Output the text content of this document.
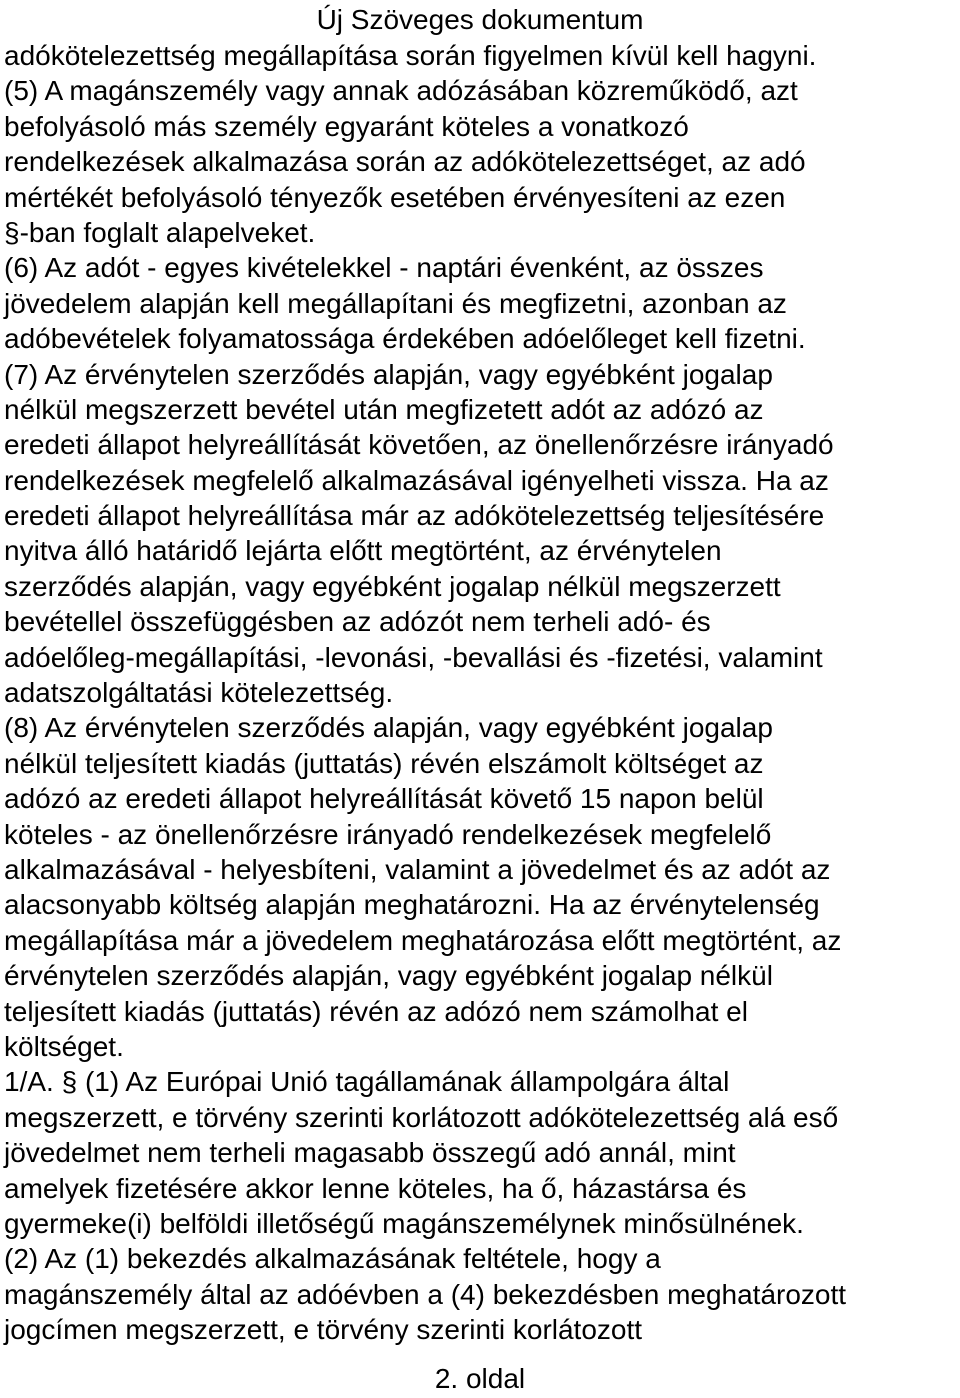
Új Szöveges dokumentum
adókötelezettség megállapítása során figyelmen kívül kell hagyni.
(5) A magánszemély vagy annak adózásában közreműködő, azt
befolyásoló más személy egyaránt köteles a vonatkozó
rendelkezések alkalmazása során az adókötelezettséget, az adó
mértékét befolyásoló tényezők esetében érvényesíteni az ezen
§-ban foglalt alapelveket.
(6) Az adót - egyes kivételekkel - naptári évenként, az összes
jövedelem alapján kell megállapítani és megfizetni, azonban az
adóbevételek folyamatossága érdekében adóelőleget kell fizetni.
(7) Az érvénytelen szerződés alapján, vagy egyébként jogalap
nélkül megszerzett bevétel után megfizetett adót az adózó az
eredeti állapot helyreállítását követően, az önellenőrzésre irányadó
rendelkezések megfelelő alkalmazásával igényelheti vissza. Ha az
eredeti állapot helyreállítása már az adókötelezettség teljesítésére
nyitva álló határidő lejárta előtt megtörtént, az érvénytelen
szerződés alapján, vagy egyébként jogalap nélkül megszerzett
bevétellel összefüggésben az adózót nem terheli adó- és
adóelőleg-megállapítási, -levonási, -bevallási és -fizetési, valamint
adatszolgáltatási kötelezettség.
(8) Az érvénytelen szerződés alapján, vagy egyébként jogalap
nélkül teljesített kiadás (juttatás) révén elszámolt költséget az
adózó az eredeti állapot helyreállítását követő 15 napon belül
köteles - az önellenőrzésre irányadó rendelkezések megfelelő
alkalmazásával - helyesbíteni, valamint a jövedelmet és az adót az
alacsonyabb költség alapján meghatározni. Ha az érvénytelenség
megállapítása már a jövedelem meghatározása előtt megtörtént, az
érvénytelen szerződés alapján, vagy egyébként jogalap nélkül
teljesített kiadás (juttatás) révén az adózó nem számolhat el
költséget.
1/A. § (1) Az Európai Unió tagállamának állampolgára által
megszerzett, e törvény szerinti korlátozott adókötelezettség alá eső
jövedelmet nem terheli magasabb összegű adó annál, mint
amelyek fizetésére akkor lenne köteles, ha ő, házastársa és
gyermeke(i) belföldi illetőségű magánszemélynek minősülnének.
(2) Az (1) bekezdés alkalmazásának feltétele, hogy a
magánszemély által az adóévben a (4) bekezdésben meghatározott
jogcímen megszerzett, e törvény szerinti korlátozott
2. oldal
